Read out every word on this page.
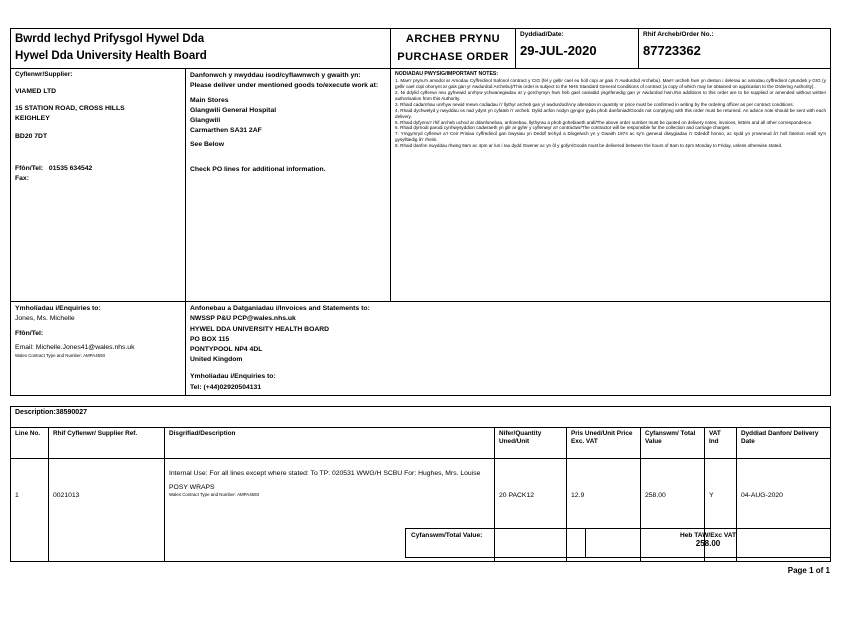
Bwrdd Iechyd Prifysgol Hywel Dda
Hywel Dda University Health Board

ARCHEB PRYNU
PURCHASE ORDER

Dyddiad/Date:
29-JUL-2020

Rhif Archeb/Order No.:
87723362

Cyflenwr/Supplier:
VIAMED LTD
15 STATION ROAD, CROSS HILLS
KEIGHLEY
BD20 7DT
Ffôn/Tel: 01535 634542
Fax:

Danfonwch y nwyddau isod/cyflawnwch y gwaith yn:
Please deliver under mentioned goods to/execute work at:
Main Stores
Glangwili General Hospital
Glangwili
Carmarthen SA31 2AF
See Below
Check PO lines for additional information.

NODIADAU PWYSIG/IMPORTANT NOTES:
1. Mae'r prynu'n amodol ar Amodau Cyffredinol Safonol contract y CIG (fel y gellir cael eu holl copi ar gais i'r Awdurdod Archebu). Mae'r archeb hwn yn destun i delerau ac amodau cyffredinol cytundeb y GIG (y gellir cael copi ohonynt ar gais gan yr Awdurdod Archebu)/This order is subject to the NHS Standard General Conditions of contract (a copy of which may be obtained on application to the Ordering Authority).
2. Ni ddylid cyflenwi neu gyfnewid unrhyw ychwanegiadau at y gorchymyn hwn heb gael caniatâd ysgrifenedig gan yr Awdurdod hwn./No additions to this order are to be supplied or amended without written authorisation from this Authority.
3. Rhaid cadarnhau unrhyw newid mewn codiadau i'r llythyr archeb gan yr awdurdod/Any alteration in quantity or price must be confirmed in writing by the ordering officer as per contract conditions.
4. Rhaid dychwelyd y nwyddau os nad ydynt yn cyfateb i'r archeb. Dylid anfon nodyn gyngor gyda phob danfoniad/Goods not complying with this order must be returned. An advice note should be sent with each delivery.
5. Rhaid dyfynnu'r rhif archeb uchod ar ddanfonebau, anfonebau, llythyrau a phob gohebiaeth arall/The above order number must be quoted on delivery notes, invoices, letters and all other correspondence.
6. Rhaid dyrnodi parodi cynhwysyddion cadwraeth yn glir ar gyfer y cyflenwyr a'r contractwr/The contractor will be responsible for the collection and carriage charges.
7. Ymgymryd cyflenwr a'r Ceir Prisiau cyffredinol gan bwysiau yn Deddf Iechyd a Diogelwch yn y Gwaith 1974 ac sy'n gwneud diwygiadau i'r Ddeddf honno, ac sydd yn ymwneud â'r holl faterion eraill sy'n gysylltiedig â'r rheini.
8. Rhaid danfon nwyddau rhwng 9am ac 4pm ar lun i Iau dydd Gwener ac yn ôl y gofyn/Goods must be delivered between the hours of 9am to 4pm Monday to Friday, unless otherwise stated.

Ymholiadau i/Enquiries to:
Jones, Ms. Michelle
Ffôn/Tel:
Email: Michelle.Jones41@wales.nhs.uk
Wales Contract Type and Number: AMPA4593

Anfonebau a Datganiadau i/Invoices and Statements to:
NWSSP P&U PCP@wales.nhs.uk
HYWEL DDA UNIVERSITY HEALTH BOARD
PO BOX 115
PONTYPOOL NP4 4DL
United Kingdom
Ymholiadau i/Enquiries to:
Tel: (+44)02920504131

Description:38590027				
Line No.	Rhif Cyflenwr/ Supplier Ref.	Disgrifiad/Description	Nifer/Quantity Uned/Unit	Pris Uned/Unit Price Exc. VAT	Cyfanswm/ Total Value	VAT Ind	Dyddiad Danfon/ Delivery Date
1	0021013	Internal Use: For all lines except where stated: To TP: 020531 WWG/H SCBU For: Hughes, Mrs. Louise
POSY WRAPS
Wales Contract Type and Number: AMPA4593	20 PACK12	12.9	258.00	Y	04-AUG-2020
Cyfanswm/Total Value:	Heb TAW/Exc VAT
258.00
Page 1 of 1
